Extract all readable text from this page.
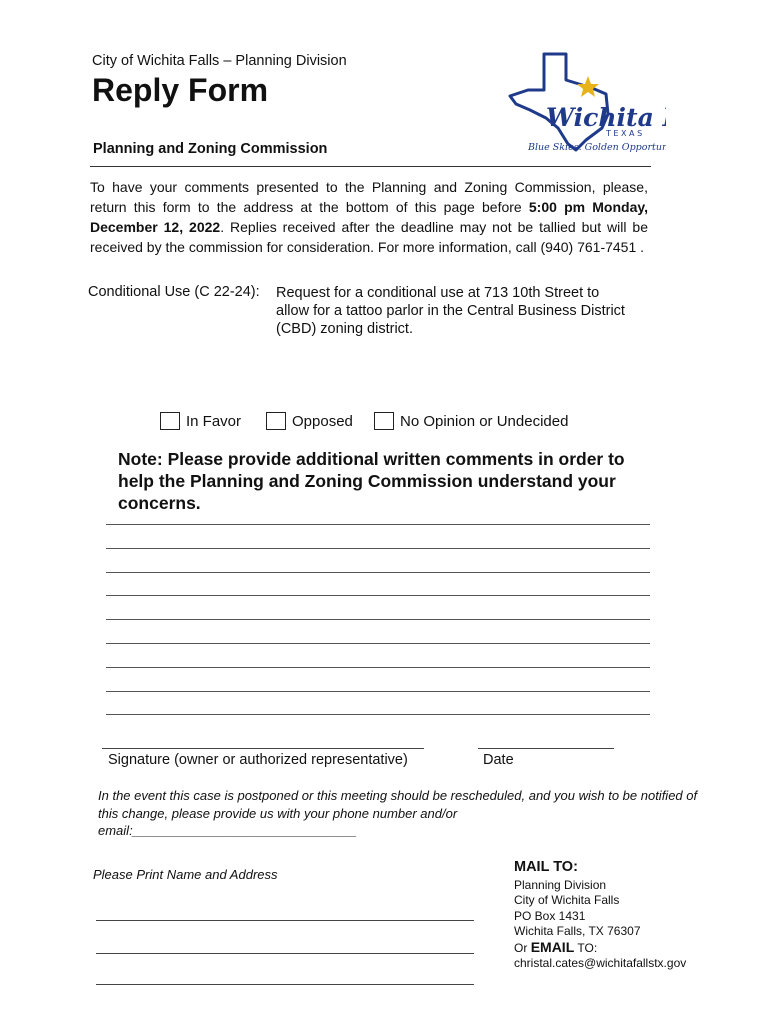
City of Wichita Falls – Planning Division
Reply Form
Planning and Zoning Commission
Wichita
T E X A S
Blue Skies. Golden Opportu

To have your comments presented to the Planning and Zoning Commission, please, return this form to the address at the bottom of this page before 5:00 pm Monday, December 12, 2022. Replies received after the deadline may not be tallied but will be received by the commission for consideration. For more information, call (940) 761-7451 .

Conditional Use (C 22-24): Request for a conditional use at 713 10th Street to allow for a tattoo parlor in the Central Business District (CBD) zoning district.
In Favor	Opposed	No Opinion or Undecided

Note: Please provide additional written comments in order to help the Planning and Zoning Commission understand your concerns.

Signature (owner or authorized representative)	Date

In the event this case is postponed or this meeting should be rescheduled, and you wish to be notified of this change, please provide us with your phone number and/or email:_______________________________

Please Print Name and Address	MAIL TO:
Planning Division
City of Wichita Falls
PO Box 1431
Wichita Falls, TX 76307
Or EMAIL TO:
christal.cates@wichitafallstx.gov
